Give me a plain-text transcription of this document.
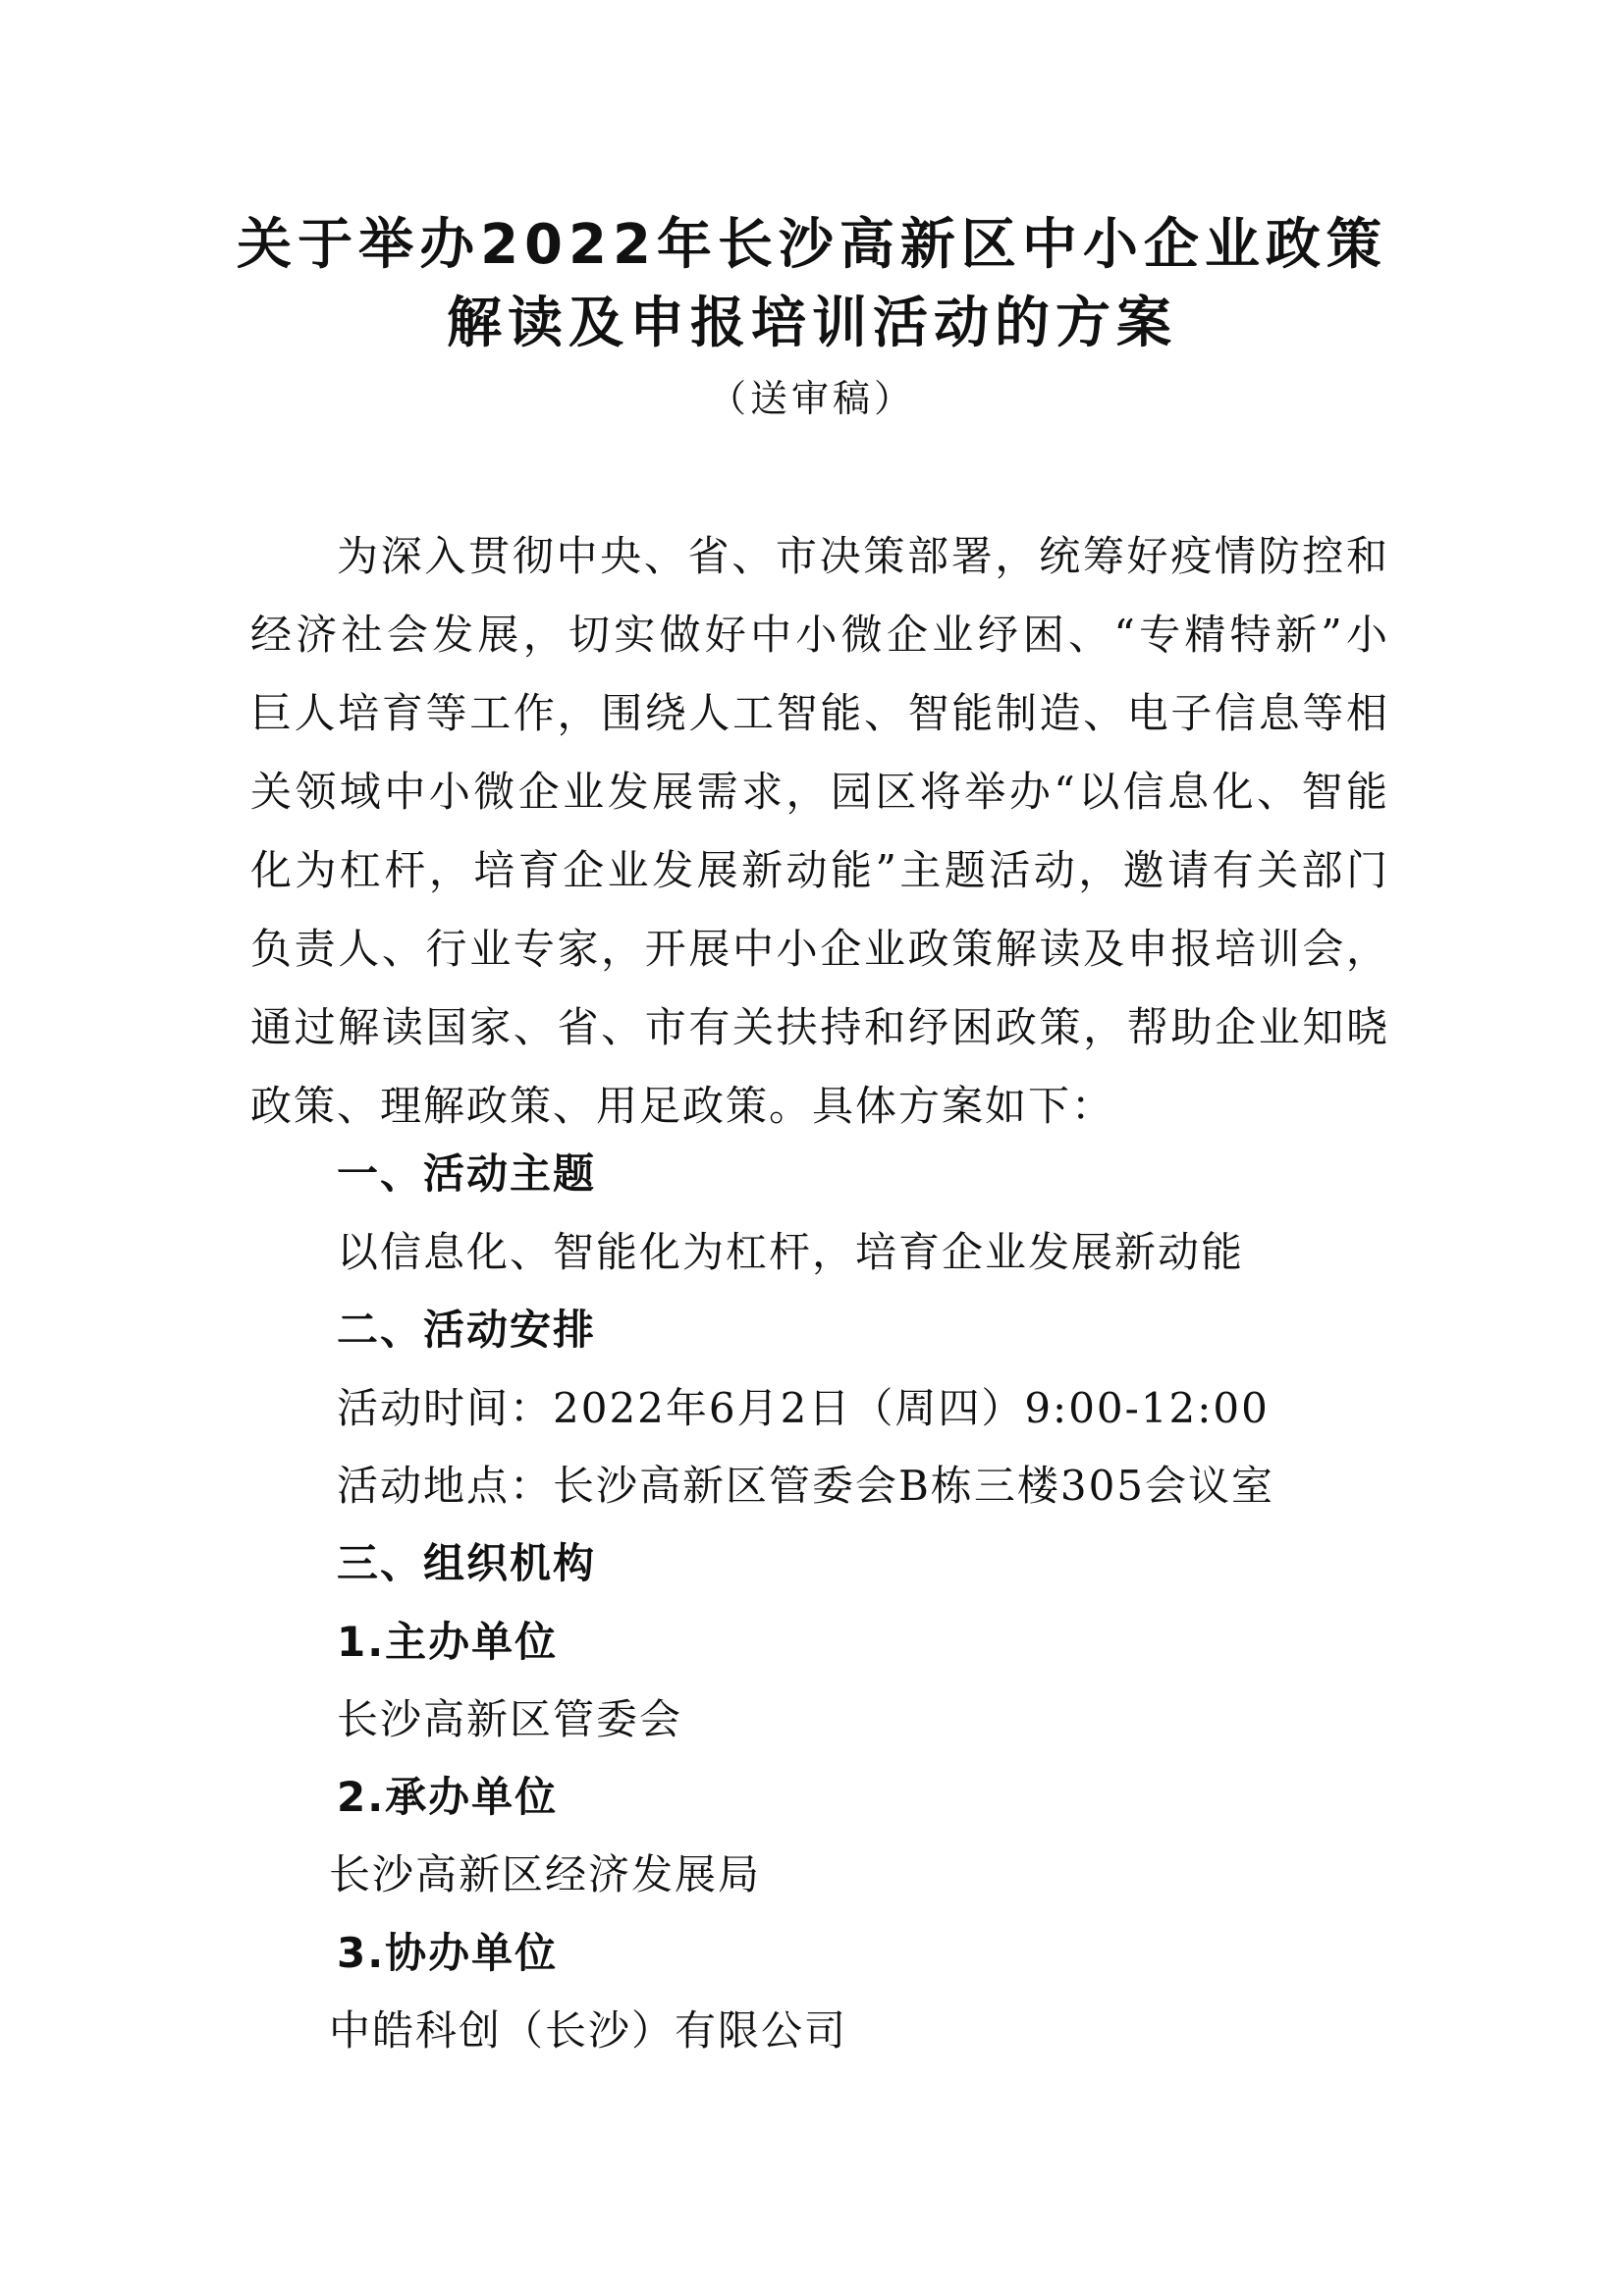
关于举办2022年长沙高新区中小企业政策
解读及申报培训活动的方案
（送审稿）
为深入贯彻中央、省、市决策部署，统筹好疫情防控和
经济社会发展，切实做好中小微企业纾困、“专精特新”小
巨人培育等工作，围绕人工智能、智能制造、电子信息等相
关领域中小微企业发展需求，园区将举办“以信息化、智能
化为杠杆，培育企业发展新动能”主题活动，邀请有关部门
负责人、行业专家，开展中小企业政策解读及申报培训会，
通过解读国家、省、市有关扶持和纾困政策，帮助企业知晓
政策、理解政策、用足政策。具体方案如下：
一、活动主题
以信息化、智能化为杠杆，培育企业发展新动能
二、活动安排
活动时间：2022年6月2日（周四）9:00-12:00
活动地点：长沙高新区管委会B栋三楼305会议室
三、组织机构
1.主办单位
长沙高新区管委会
2.承办单位
长沙高新区经济发展局
3.协办单位
中皓科创（长沙）有限公司
